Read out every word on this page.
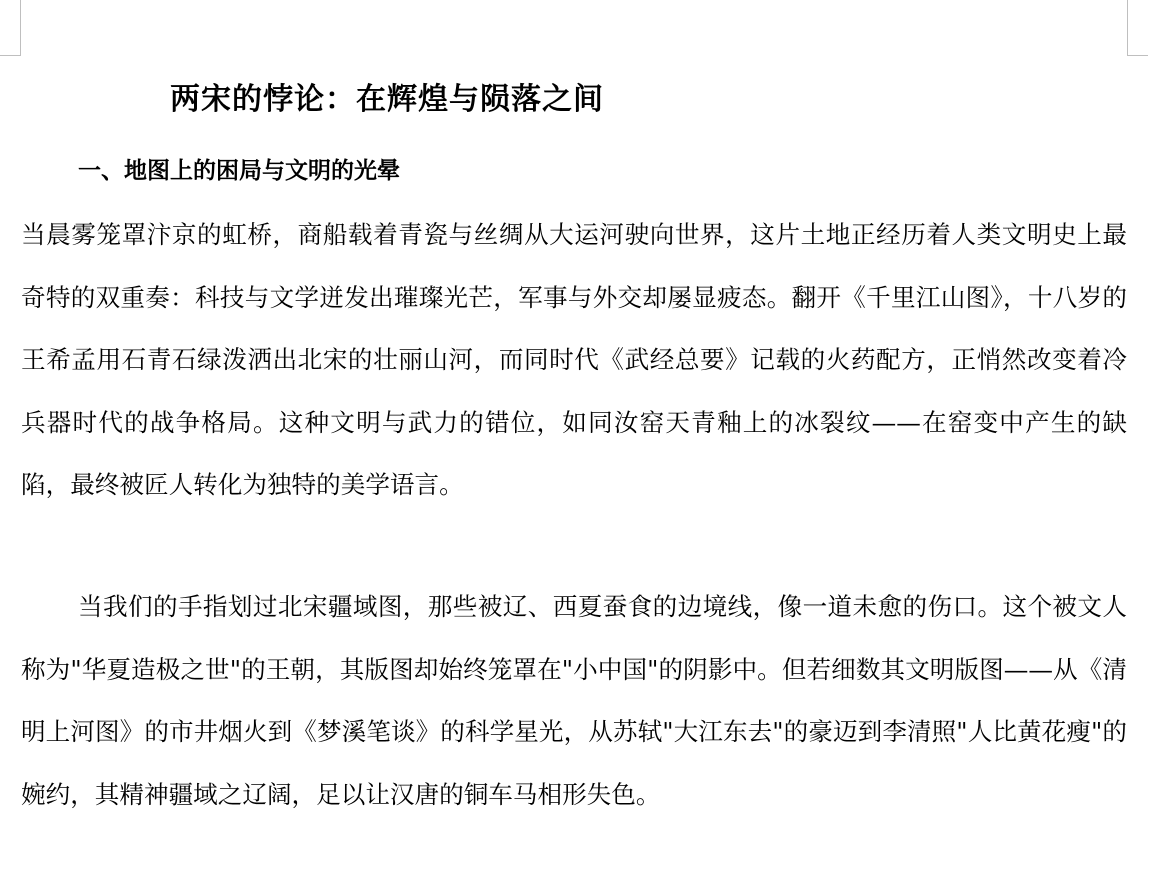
两宋的悖论：在辉煌与陨落之间
一、地图上的困局与文明的光晕

当晨雾笼罩汴京的虹桥，商船载着青瓷与丝绸从大运河驶向世界，这片土地正经历着人类文明史上最奇特的双重奏：科技与文学迸发出璀璨光芒，军事与外交却屡显疲态。翻开《千里江山图》，十八岁的王希孟用石青石绿泼洒出北宋的壮丽山河，而同时代《武经总要》记载的火药配方，正悄然改变着冷兵器时代的战争格局。这种文明与武力的错位，如同汝窑天青釉上的冰裂纹——在窑变中产生的缺陷，最终被匠人转化为独特的美学语言。

当我们的手指划过北宋疆域图，那些被辽、西夏蚕食的边境线，像一道未愈的伤口。这个被文人称为"华夏造极之世"的王朝，其版图却始终笼罩在"小中国"的阴影中。但若细数其文明版图——从《清明上河图》的市井烟火到《梦溪笔谈》的科学星光，从苏轼"大江东去"的豪迈到李清照"人比黄花瘦"的婉约，其精神疆域之辽阔，足以让汉唐的铜车马相形失色。
